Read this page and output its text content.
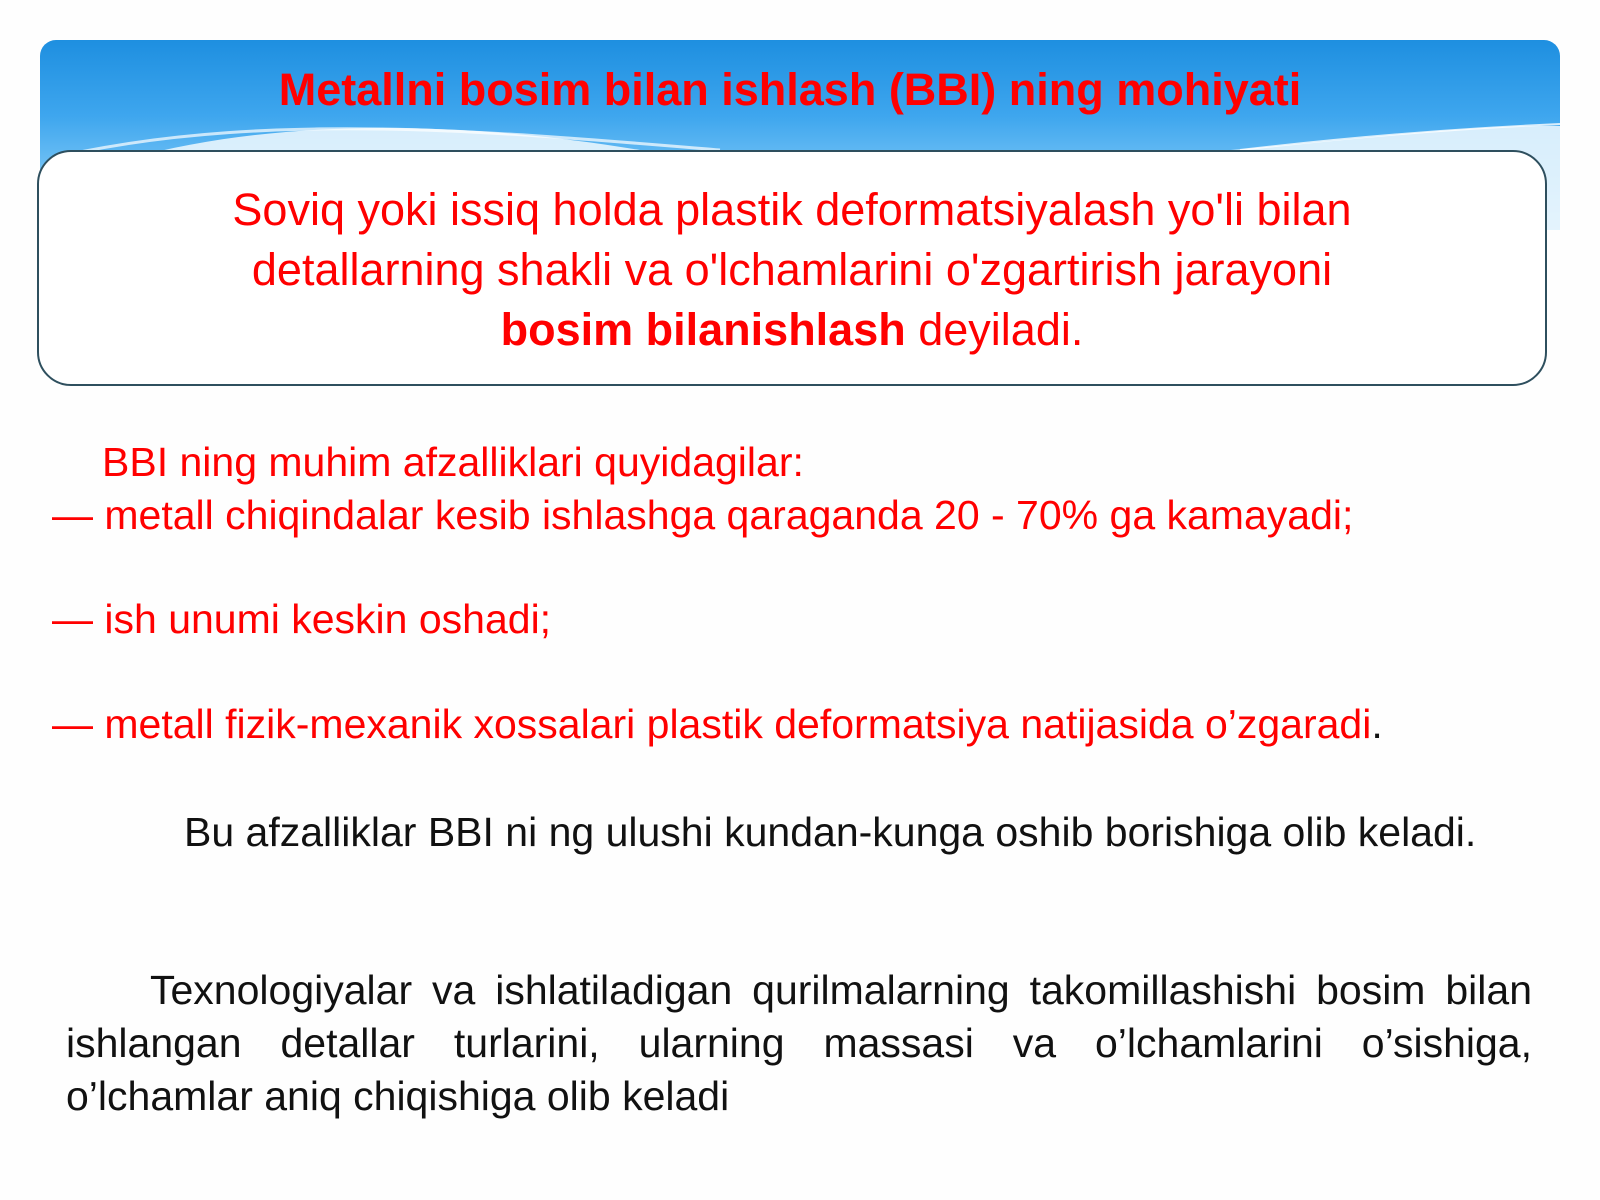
Metallni bosim bilan ishlash (BBI) ning mohiyati
Soviq yoki issiq holda plastik deformatsiyalash yo'li bilan
detallarning shakli va o'lchamlarini o'zgartirish jarayoni
bosim bilanishlash deyiladi.
BBI ning muhim afzalliklari quyidagilar:
— metall chiqindalar kesib ishlashga qaraganda 20 - 70% ga kamayadi;
— ish unumi keskin oshadi;
— metall fizik-mexanik xossalari plastik deformatsiya natijasida o’zgaradi.

Bu afzalliklar BBI ni ng ulushi kundan-kunga oshib borishiga olib keladi.

Texnologiyalar va ishlatiladigan qurilmalarning takomillashishi bosim bilan ishlangan detallar turlarini, ularning massasi va o’lchamlarini o’sishiga, o’lchamlar aniq chiqishiga olib keladi
